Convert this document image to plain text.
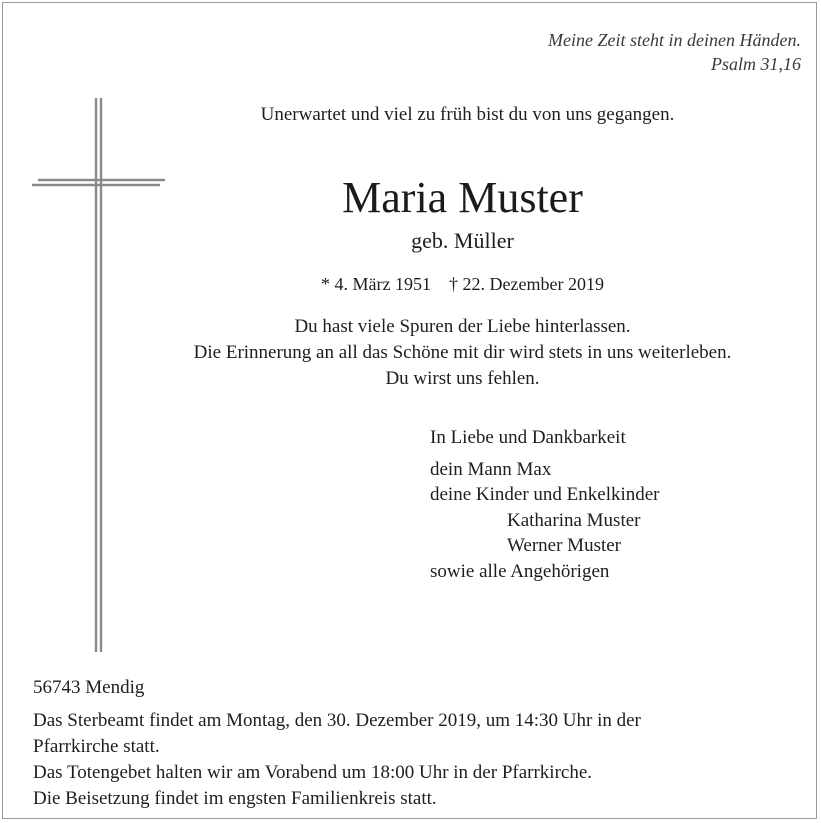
Meine Zeit steht in deinen Händen.
Psalm 31,16
Unerwartet und viel zu früh bist du von uns gegangen.
Maria Muster
geb. Müller
* 4. März 1951 † 22. Dezember 2019
Du hast viele Spuren der Liebe hinterlassen.
Die Erinnerung an all das Schöne mit dir wird stets in uns weiterleben.
Du wirst uns fehlen.
In Liebe und Dankbarkeit
dein Mann Max
deine Kinder und Enkelkinder
Katharina Muster
Werner Muster
sowie alle Angehörigen
56743 Mendig
Das Sterbeamt findet am Montag, den 30. Dezember 2019, um 14:30 Uhr in der
Pfarrkirche statt.
Das Totengebet halten wir am Vorabend um 18:00 Uhr in der Pfarrkirche.
Die Beisetzung findet im engsten Familienkreis statt.
